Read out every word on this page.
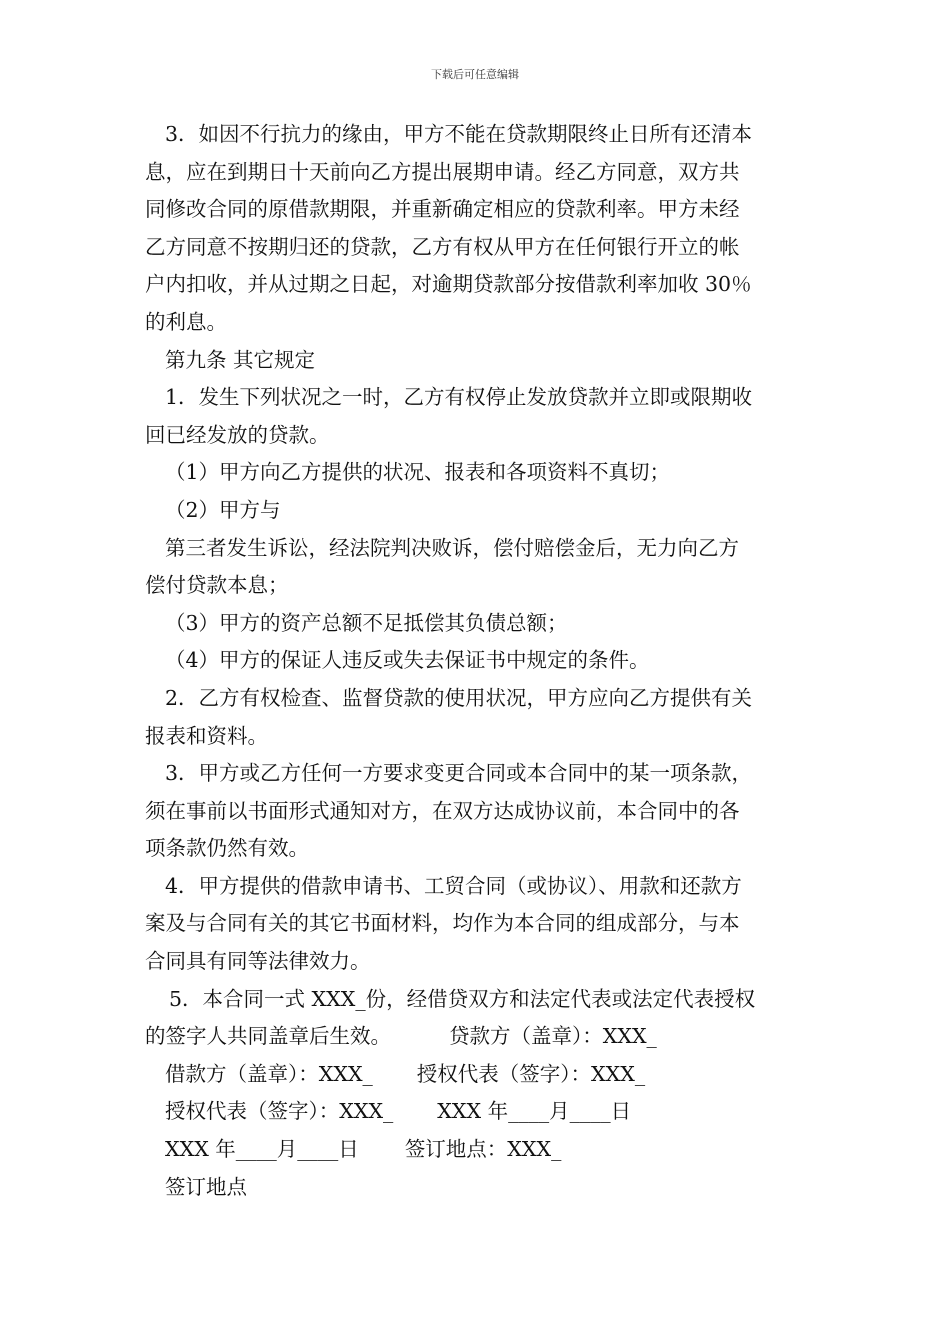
下载后可任意编辑

3．如因不行抗力的缘由，甲方不能在贷款期限终止日所有还清本

息，应在到期日十天前向乙方提出展期申请。经乙方同意，双方共

同修改合同的原借款期限，并重新确定相应的贷款利率。甲方未经

乙方同意不按期归还的贷款，乙方有权从甲方在任何银行开立的帐

户内扣收，并从过期之日起，对逾期贷款部分按借款利率加收 30％

的利息。

第九条 其它规定

1．发生下列状况之一时，乙方有权停止发放贷款并立即或限期收

回已经发放的贷款。

（1）甲方向乙方提供的状况、报表和各项资料不真切；

（2）甲方与

第三者发生诉讼，经法院判决败诉，偿付赔偿金后，无力向乙方

偿付贷款本息；

（3）甲方的资产总额不足抵偿其负债总额；

（4）甲方的保证人违反或失去保证书中规定的条件。

2．乙方有权检查、监督贷款的使用状况，甲方应向乙方提供有关

报表和资料。

3．甲方或乙方任何一方要求变更合同或本合同中的某一项条款，

须在事前以书面形式通知对方，在双方达成协议前，本合同中的各

项条款仍然有效。

4．甲方提供的借款申请书、工贸合同（或协议）、用款和还款方

案及与合同有关的其它书面材料，均作为本合同的组成部分，与本

合同具有同等法律效力。

5．本合同一式 XXX_份，经借贷双方和法定代表或法定代表授权

的签字人共同盖章后生效。	贷款方（盖章）：XXX_

借款方（盖章）：XXX_ 授权代表（签字）：XXX_

授权代表（签字）：XXX_ XXX 年____月____日

XXX 年____月____日 签订地点：XXX_

签订地点
